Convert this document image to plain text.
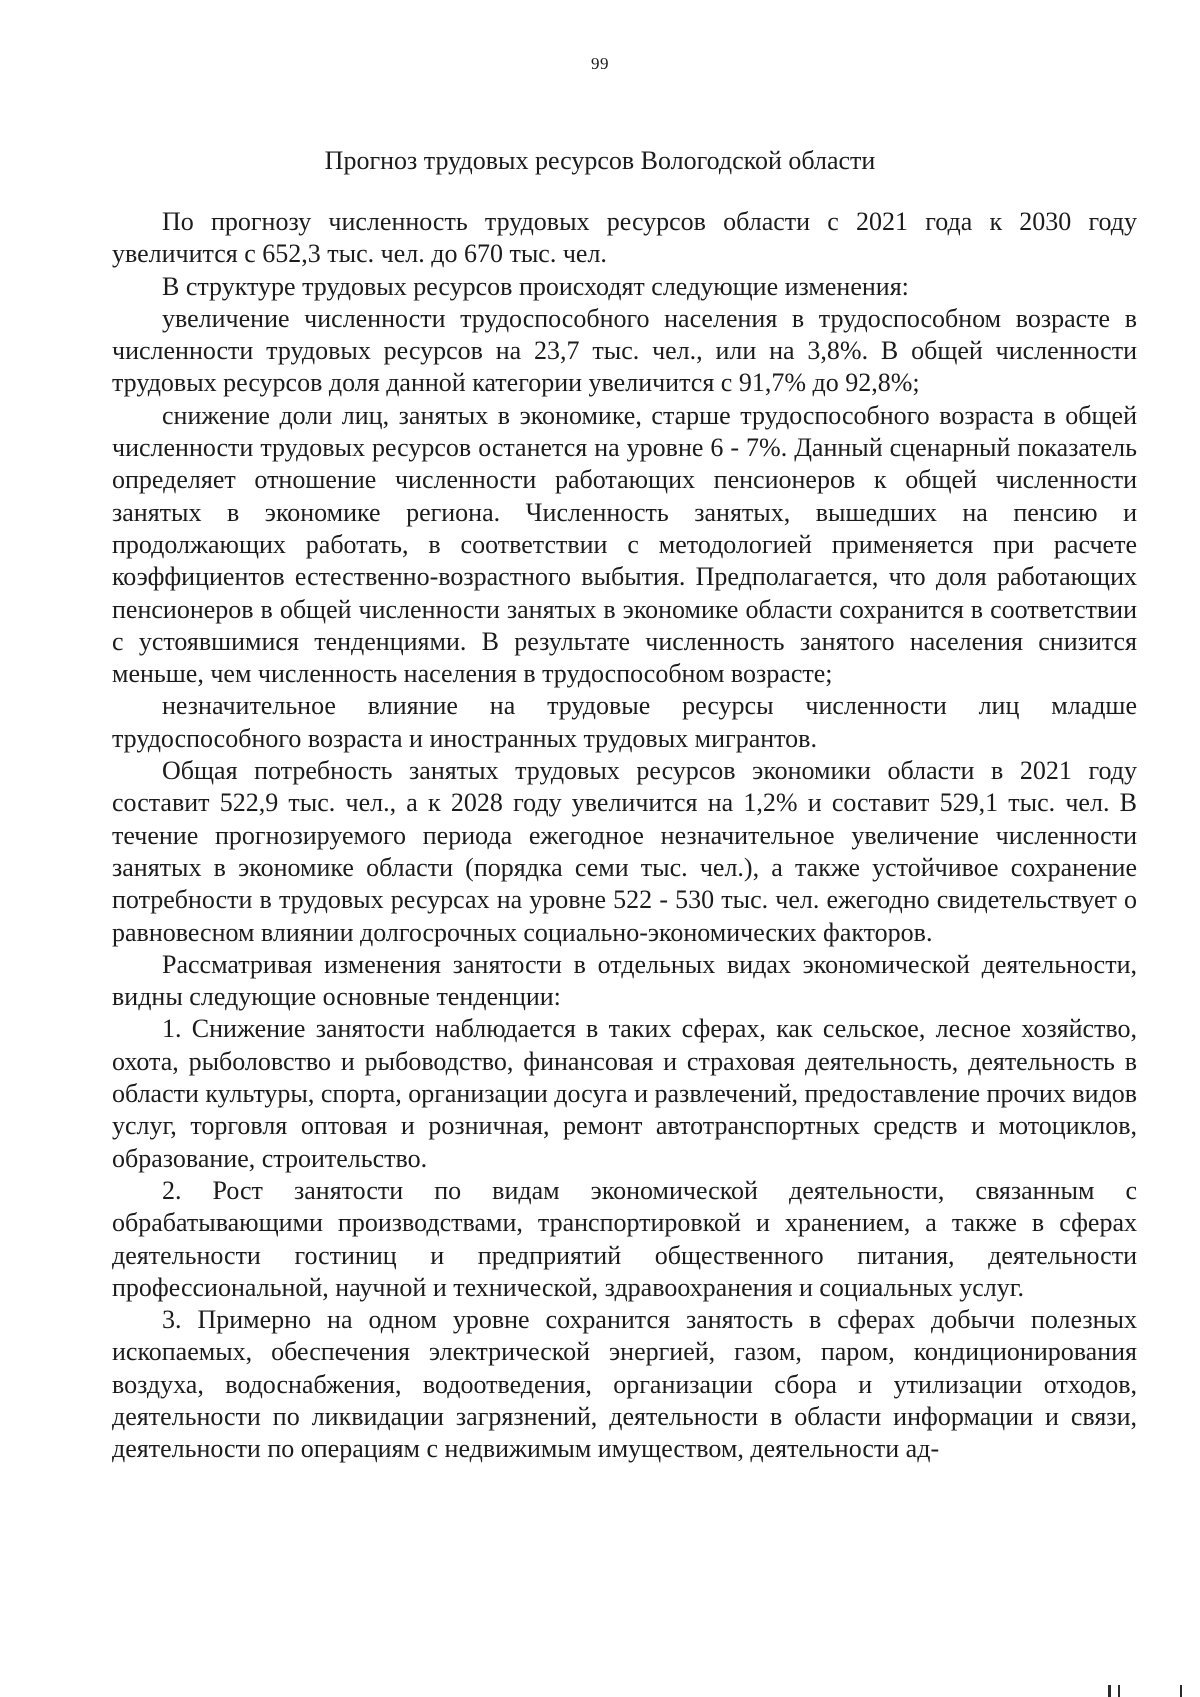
99
Прогноз трудовых ресурсов Вологодской области

По прогнозу численность трудовых ресурсов области с 2021 года к 2030 году увеличится с 652,3 тыс. чел. до 670 тыс. чел.

В структуре трудовых ресурсов происходят следующие изменения:

увеличение численности трудоспособного населения в трудоспособном возрасте в численности трудовых ресурсов на 23,7 тыс. чел., или на 3,8%. В общей численности трудовых ресурсов доля данной категории увеличится с 91,7% до 92,8%;

снижение доли лиц, занятых в экономике, старше трудоспособного возраста в общей численности трудовых ресурсов останется на уровне 6 - 7%. Данный сценарный показатель определяет отношение численности работающих пенсионеров к общей численности занятых в экономике региона. Численность занятых, вышедших на пенсию и продолжающих работать, в соответствии с методологией применяется при расчете коэффициентов естественно-возрастного выбытия. Предполагается, что доля работающих пенсионеров в общей численности занятых в экономике области сохранится в соответствии с устоявшимися тенденциями. В результате численность занятого населения снизится меньше, чем численность населения в трудоспособном возрасте;

незначительное влияние на трудовые ресурсы численности лиц младше трудоспособного возраста и иностранных трудовых мигрантов.

Общая потребность занятых трудовых ресурсов экономики области в 2021 году составит 522,9 тыс. чел., а к 2028 году увеличится на 1,2% и составит 529,1 тыс. чел. В течение прогнозируемого периода ежегодное незначительное увеличение численности занятых в экономике области (порядка семи тыс. чел.), а также устойчивое сохранение потребности в трудовых ресурсах на уровне 522 - 530 тыс. чел. ежегодно свидетельствует о равновесном влиянии долгосрочных социально-экономических факторов.

Рассматривая изменения занятости в отдельных видах экономической деятельности, видны следующие основные тенденции:

1. Снижение занятости наблюдается в таких сферах, как сельское, лесное хозяйство, охота, рыболовство и рыбоводство, финансовая и страховая деятельность, деятельность в области культуры, спорта, организации досуга и развлечений, предоставление прочих видов услуг, торговля оптовая и розничная, ремонт автотранспортных средств и мотоциклов, образование, строительство.

2. Рост занятости по видам экономической деятельности, связанным с обрабатывающими производствами, транспортировкой и хранением, а также в сферах деятельности гостиниц и предприятий общественного питания, деятельности профессиональной, научной и технической, здравоохранения и социальных услуг.

3. Примерно на одном уровне сохранится занятость в сферах добычи полезных ископаемых, обеспечения электрической энергией, газом, паром, кондиционирования воздуха, водоснабжения, водоотведения, организации сбора и утилизации отходов, деятельности по ликвидации загрязнений, деятельности в области информации и связи, деятельности по операциям с недвижимым имуществом, деятельности ад-
